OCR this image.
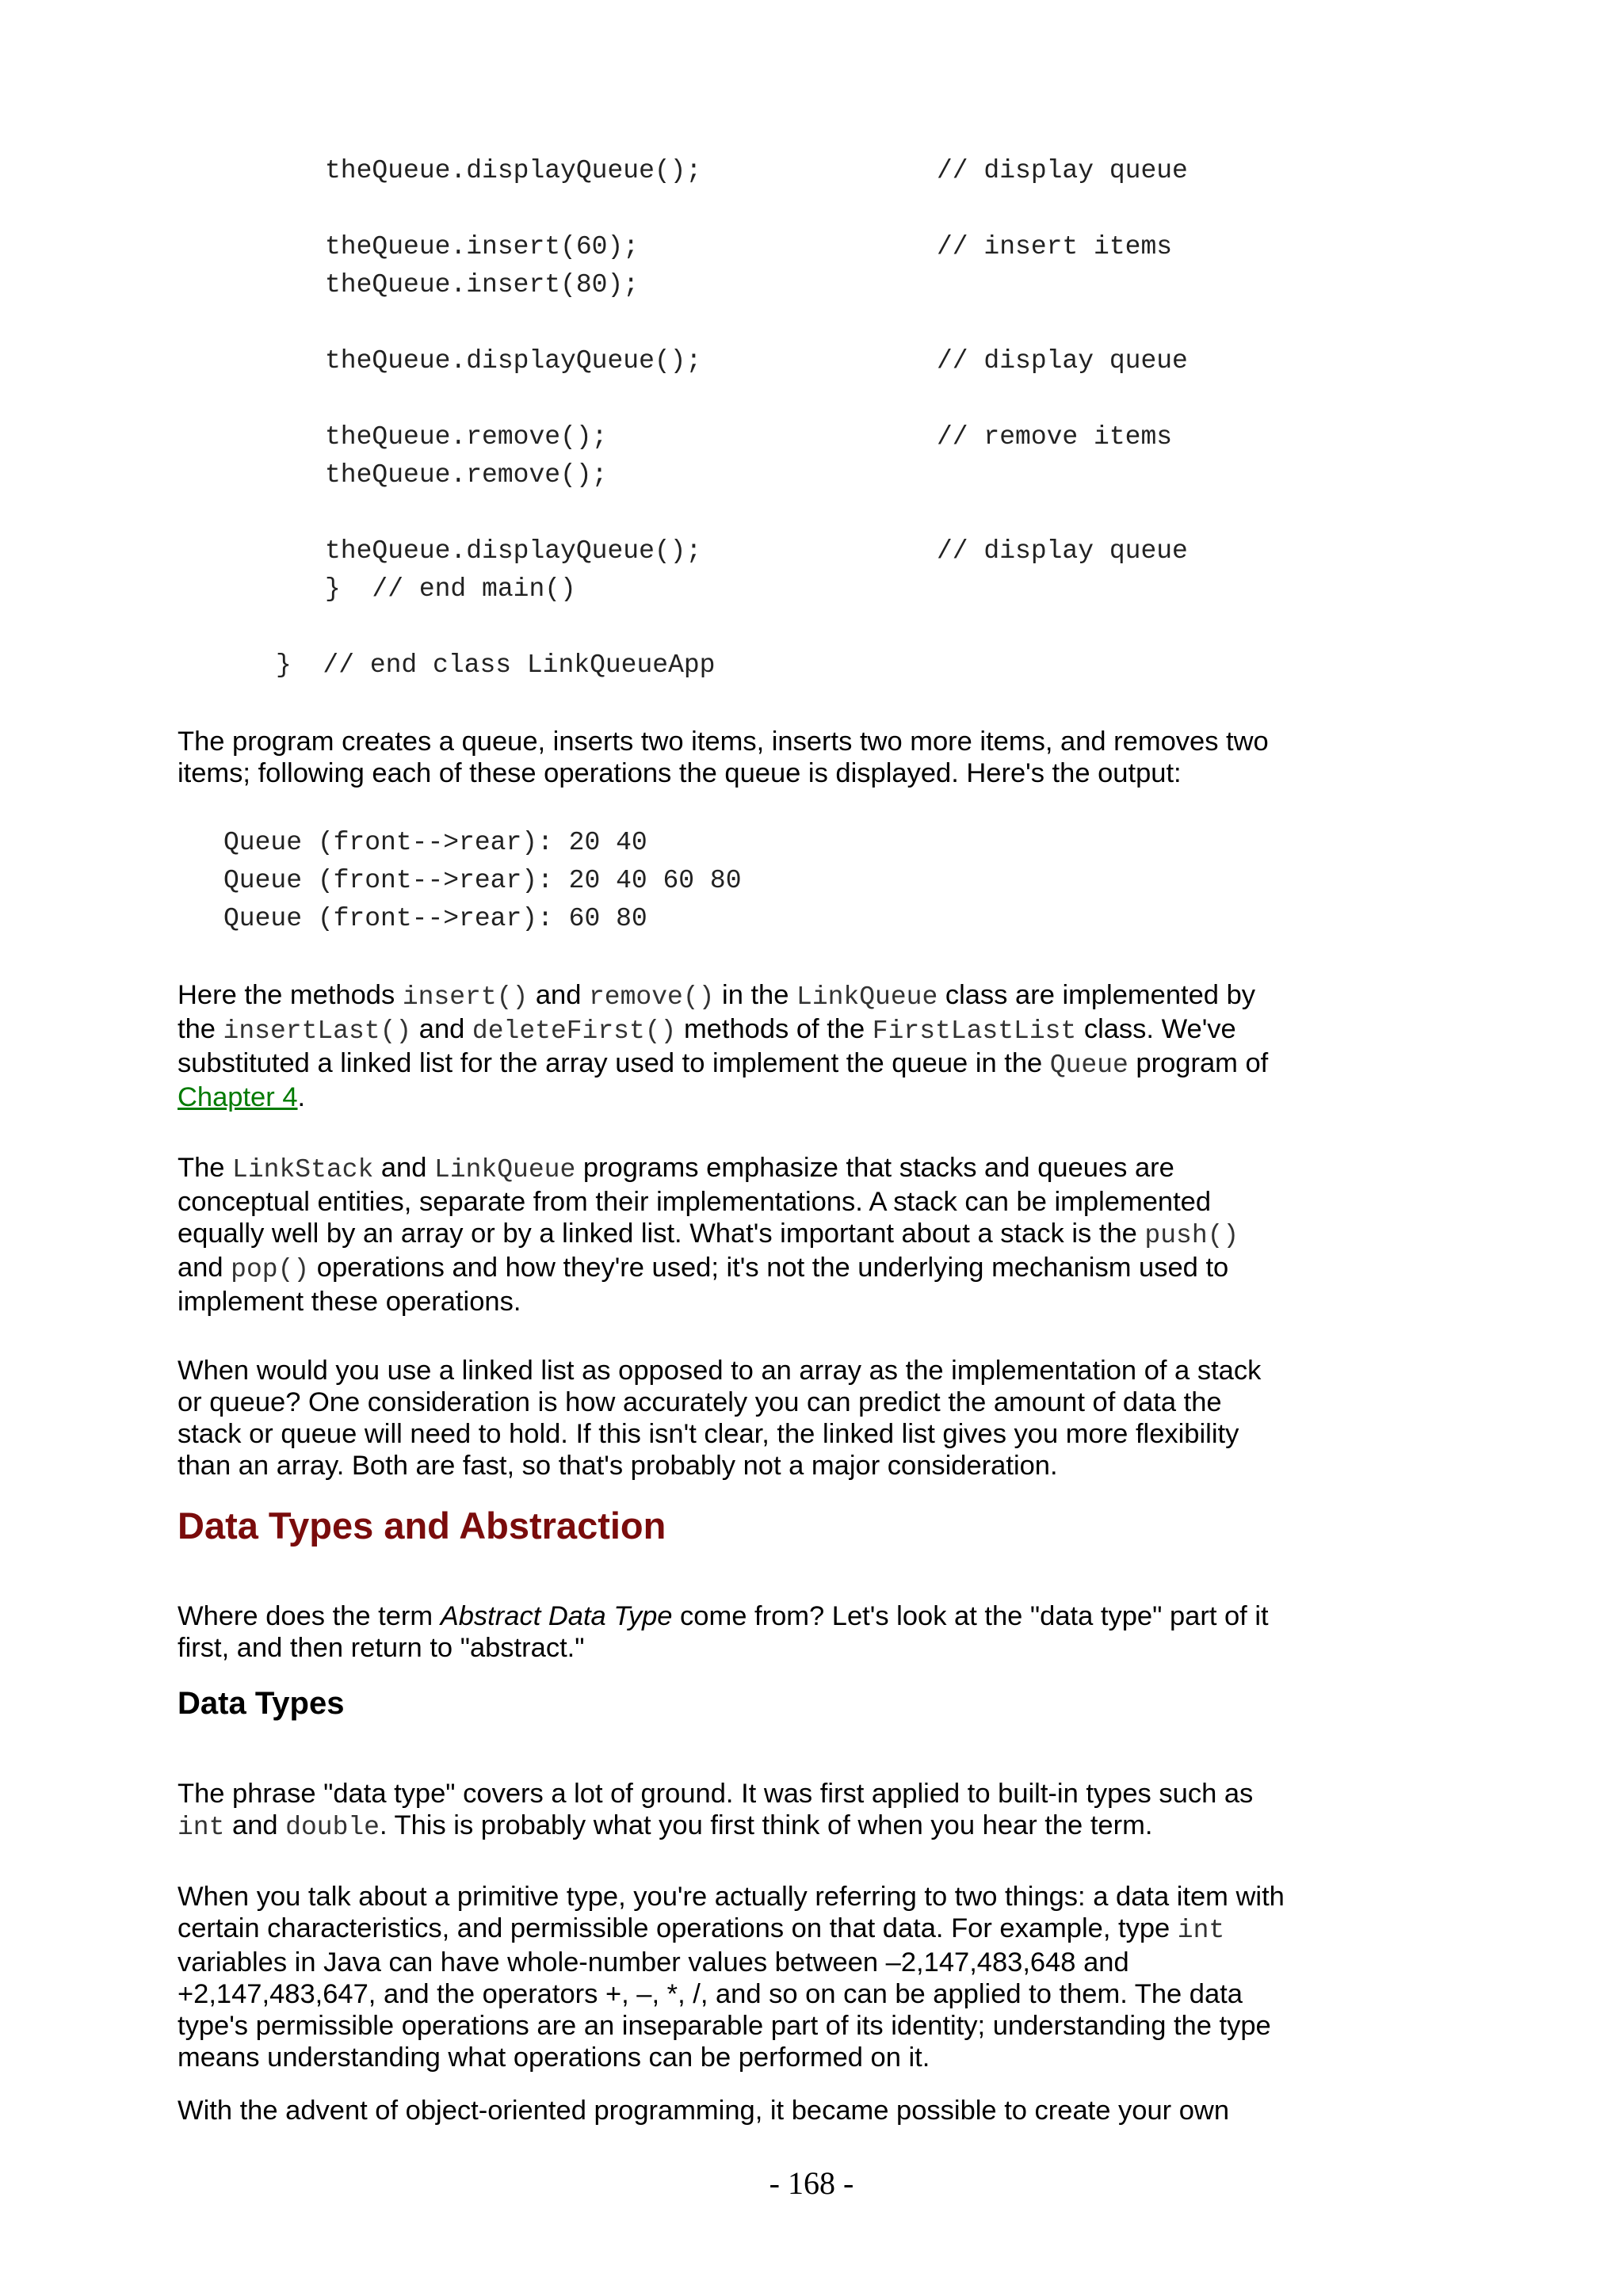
theQueue.displayQueue();	// display queue
theQueue.insert(60);	// insert items
theQueue.insert(80);
theQueue.displayQueue();	// display queue
theQueue.remove();	// remove items
theQueue.remove();
theQueue.displayQueue();	// display queue
}  // end main()
}  // end class LinkQueueApp

The program creates a queue, inserts two items, inserts two more items, and removes two items; following each of these operations the queue is displayed. Here's the output:

Queue (front-->rear): 20 40
Queue (front-->rear): 20 40 60 80
Queue (front-->rear): 60 80

Here the methods insert() and remove() in the LinkQueue class are implemented by the insertLast() and deleteFirst() methods of the FirstLastList class. We've substituted a linked list for the array used to implement the queue in the Queue program of Chapter 4.

The LinkStack and LinkQueue programs emphasize that stacks and queues are conceptual entities, separate from their implementations. A stack can be implemented equally well by an array or by a linked list. What's important about a stack is the push() and pop() operations and how they're used; it's not the underlying mechanism used to implement these operations.

When would you use a linked list as opposed to an array as the implementation of a stack or queue? One consideration is how accurately you can predict the amount of data the stack or queue will need to hold. If this isn't clear, the linked list gives you more flexibility than an array. Both are fast, so that's probably not a major consideration.

Data Types and Abstraction

Where does the term Abstract Data Type come from? Let's look at the "data type" part of it first, and then return to "abstract."

Data Types

The phrase "data type" covers a lot of ground. It was first applied to built-in types such as int and double. This is probably what you first think of when you hear the term.

When you talk about a primitive type, you're actually referring to two things: a data item with certain characteristics, and permissible operations on that data. For example, type int variables in Java can have whole-number values between –2,147,483,648 and +2,147,483,647, and the operators +, –, *, /, and so on can be applied to them. The data type's permissible operations are an inseparable part of its identity; understanding the type means understanding what operations can be performed on it.

With the advent of object-oriented programming, it became possible to create your own

- 168 -
